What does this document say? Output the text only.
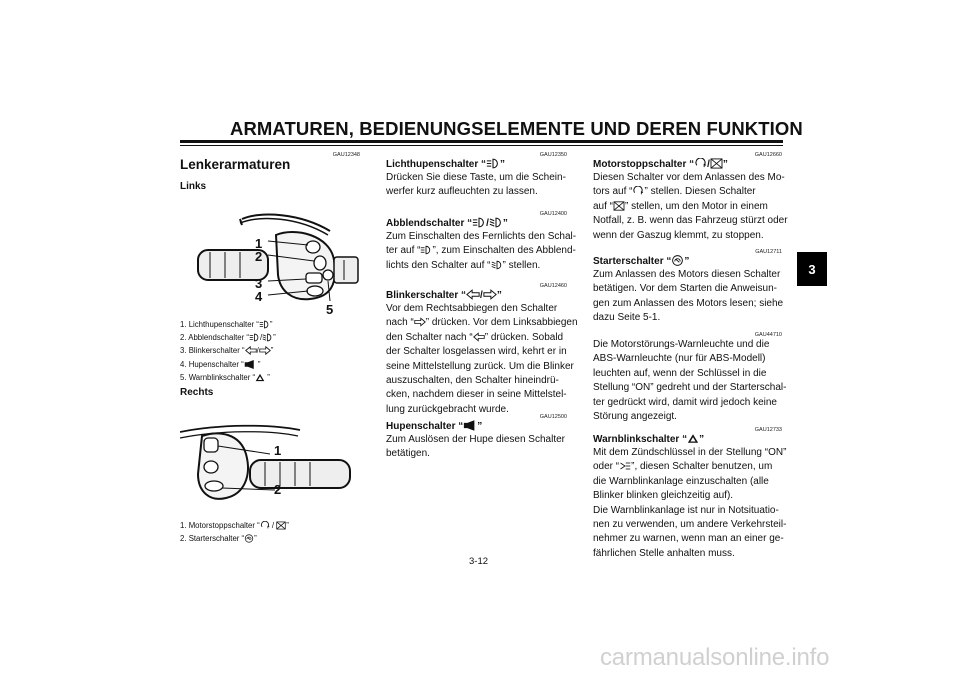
ARMATUREN, BEDIENUNGSELEMENTE UND DEREN FUNKTION
3
GAU12348
Lenkerarmaturen
Links
1
2
3
4
5
1. Lichthupenschalter “ ”
2. Abblendschalter “ / ”
3. Blinkerschalter “ / ”
4. Hupenschalter “ ”
5. Warnblinkschalter “ ”
Rechts
1
2
1. Motorstoppschalter “ / ”
2. Starterschalter “ ”
GAU12350
Lichthupenschalter “ ”
Drücken Sie diese Taste, um die Schein-
werfer kurz aufleuchten zu lassen.
GAU12400
Abblendschalter “ / ”
Zum Einschalten des Fernlichts den Schal-
ter auf “ ”, zum Einschalten des Abblend-
lichts den Schalter auf “ ” stellen.
GAU12460
Blinkerschalter “ / ”
Vor dem Rechtsabbiegen den Schalter
nach “ ” drücken. Vor dem Linksabbiegen
den Schalter nach “ ” drücken. Sobald
der Schalter losgelassen wird, kehrt er in
seine Mittelstellung zurück. Um die Blinker
auszuschalten, den Schalter hineindrü-
cken, nachdem dieser in seine Mittelstel-
lung zurückgebracht wurde.
GAU12500
Hupenschalter “ ”
Zum Auslösen der Hupe diesen Schalter
betätigen.
GAU12660
Motorstoppschalter “ / ”
Diesen Schalter vor dem Anlassen des Mo-
tors auf “ ” stellen. Diesen Schalter
auf “ ” stellen, um den Motor in einem
Notfall, z. B. wenn das Fahrzeug stürzt oder
wenn der Gaszug klemmt, zu stoppen.
GAU12711
Starterschalter “ ”
Zum Anlassen des Motors diesen Schalter
betätigen. Vor dem Starten die Anweisun-
gen zum Anlassen des Motors lesen; siehe
dazu Seite 5-1.
GAU44710
Die Motorstörungs-Warnleuchte und die
ABS-Warnleuchte (nur für ABS-Modell)
leuchten auf, wenn der Schlüssel in die
Stellung “ON” gedreht und der Starterschal-
ter gedrückt wird, damit wird jedoch keine
Störung angezeigt.
GAU12733
Warnblinkschalter “ ”
Mit dem Zündschlüssel in der Stellung “ON”
oder “ ”, diesen Schalter benutzen, um
die Warnblinkanlage einzuschalten (alle
Blinker blinken gleichzeitig auf).
Die Warnblinkanlage ist nur in Notsituatio-
nen zu verwenden, um andere Verkehrsteil-
nehmer zu warnen, wenn man an einer ge-
fährlichen Stelle anhalten muss.
3-12
carmanualsonline.info
